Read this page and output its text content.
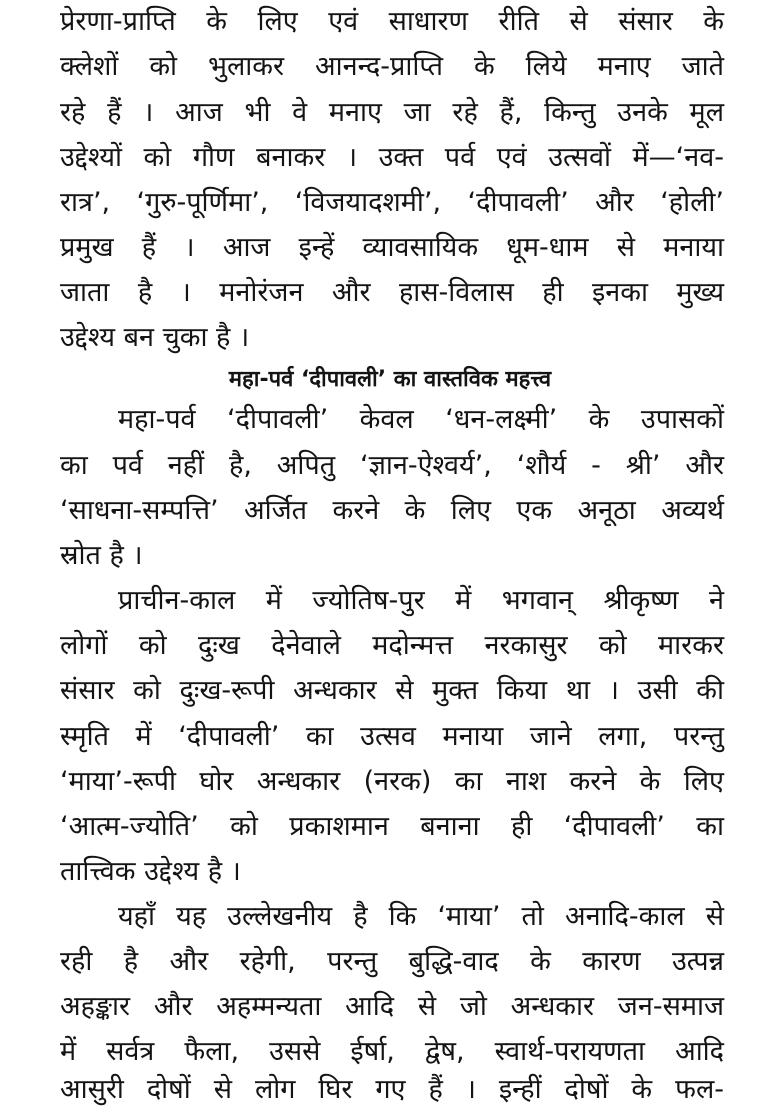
प्रेरणा-प्राप्ति के लिए एवं साधारण रीति से संसार के
क्लेशों को भुलाकर आनन्द-प्राप्ति के लिये मनाए जाते
रहे हैं । आज भी वे मनाए जा रहे हैं, किन्तु उनके मूल
उद्देश्यों को गौण बनाकर । उक्त पर्व एवं उत्सवों में—‘नव-
रात्र’, ‘गुरु-पूर्णिमा’, ‘विजयादशमी’, ‘दीपावली’ और ‘होली’
प्रमुख हैं । आज इन्हें व्यावसायिक धूम-धाम से मनाया
जाता है । मनोरंजन और हास-विलास ही इनका मुख्य
उद्देश्य बन चुका है ।
महा-पर्व ‘दीपावली’ का वास्तविक महत्त्व
महा-पर्व ‘दीपावली’ केवल ‘धन-लक्ष्मी’ के उपासकों
का पर्व नहीं है, अपितु ‘ज्ञान-ऐश्वर्य’, ‘शौर्य - श्री’ और
‘साधना-सम्पत्ति’ अर्जित करने के लिए एक अनूठा अव्यर्थ
स्रोत है ।
प्राचीन-काल में ज्योतिष-पुर में भगवान् श्रीकृष्ण ने
लोगों को दुःख देनेवाले मदोन्मत्त नरकासुर को मारकर
संसार को दुःख-रूपी अन्धकार से मुक्त किया था । उसी की
स्मृति में ‘दीपावली’ का उत्सव मनाया जाने लगा, परन्तु
‘माया’-रूपी घोर अन्धकार (नरक) का नाश करने के लिए
‘आत्म-ज्योति’ को प्रकाशमान बनाना ही ‘दीपावली’ का
तात्त्विक उद्देश्य है ।
यहाँ यह उल्लेखनीय है कि ‘माया’ तो अनादि-काल से
रही है और रहेगी, परन्तु बुद्धि-वाद के कारण उत्पन्न
अहङ्कार और अहम्मन्यता आदि से जो अन्धकार जन-समाज
में सर्वत्र फैला, उससे ईर्षा, द्वेष, स्वार्थ-परायणता आदि
आसुरी दोषों से लोग घिर गए हैं । इन्हीं दोषों के फल-
